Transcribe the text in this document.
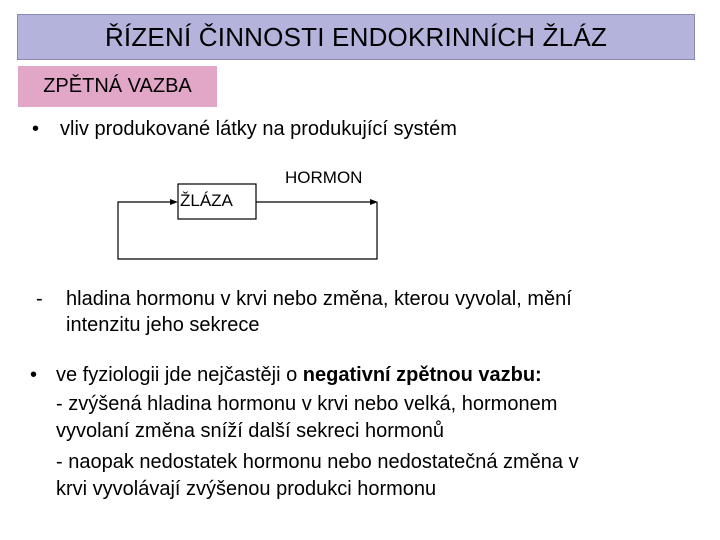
ŘÍZENÍ ČINNOSTI ENDOKRINNÍCH ŽLÁZ
ZPĚTNÁ VAZBA
• vliv produkované látky na produkující systém
ŽLÁZA
HORMON
- hladina hormonu v krvi nebo změna, kterou vyvolal, mění
intenzitu jeho sekrece
• ve fyziologii jde nejčastěji o negativní zpětnou vazbu:
- zvýšená hladina hormonu v krvi nebo velká, hormonem
vyvolaní změna sníží další sekreci hormonů
- naopak nedostatek hormonu nebo nedostatečná změna v
krvi vyvolávají zvýšenou produkci hormonu
